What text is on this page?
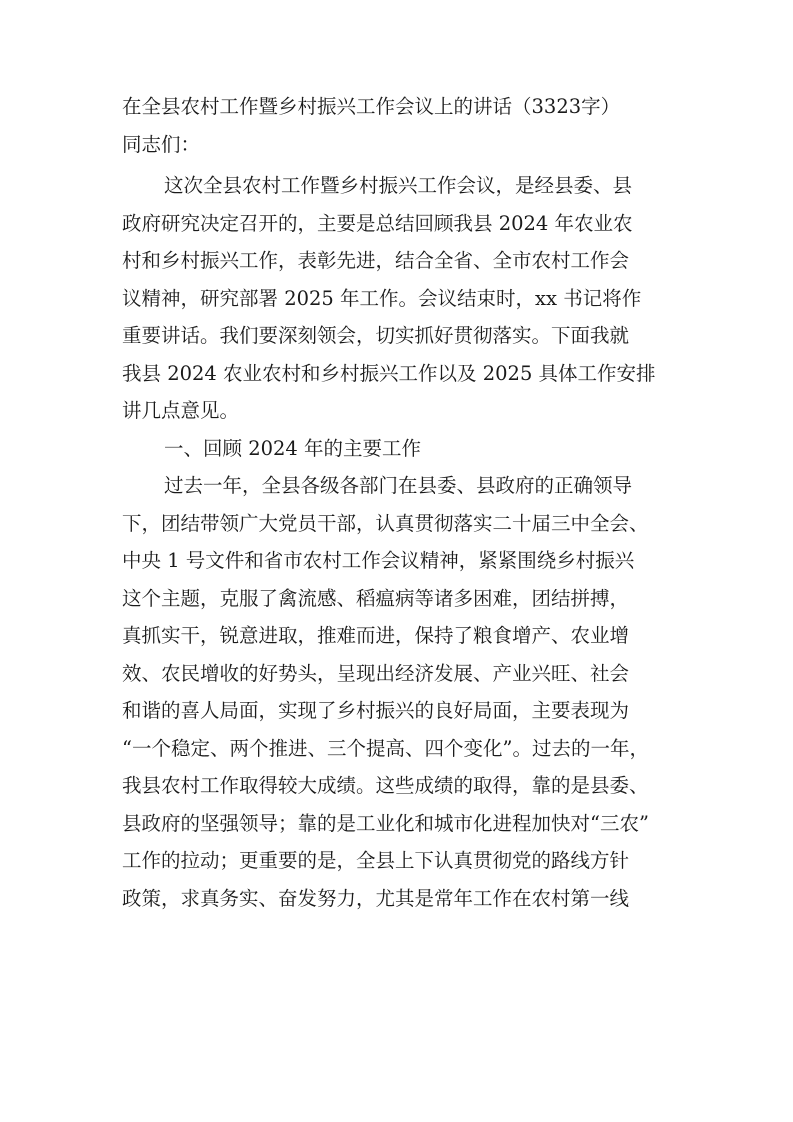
在全县农村工作暨乡村振兴工作会议上的讲话（3323字）

同志们：

这次全县农村工作暨乡村振兴工作会议，是经县委、县

政府研究决定召开的，主要是总结回顾我县 2024 年农业农

村和乡村振兴工作，表彰先进，结合全省、全市农村工作会

议精神，研究部署 2025 年工作。会议结束时，xx 书记将作

重要讲话。我们要深刻领会，切实抓好贯彻落实。下面我就

我县 2024 农业农村和乡村振兴工作以及 2025 具体工作安排

讲几点意见。

一、回顾 2024 年的主要工作

过去一年，全县各级各部门在县委、县政府的正确领导

下，团结带领广大党员干部，认真贯彻落实二十届三中全会、

中央 1 号文件和省市农村工作会议精神，紧紧围绕乡村振兴

这个主题，克服了禽流感、稻瘟病等诸多困难，团结拼搏，

真抓实干，锐意进取，推难而进，保持了粮食增产、农业增

效、农民增收的好势头，呈现出经济发展、产业兴旺、社会

和谐的喜人局面，实现了乡村振兴的良好局面，主要表现为

“一个稳定、两个推进、三个提高、四个变化”。过去的一年，

我县农村工作取得较大成绩。这些成绩的取得，靠的是县委、

县政府的坚强领导；靠的是工业化和城市化进程加快对“三农”

工作的拉动；更重要的是，全县上下认真贯彻党的路线方针

政策，求真务实、奋发努力，尤其是常年工作在农村第一线
